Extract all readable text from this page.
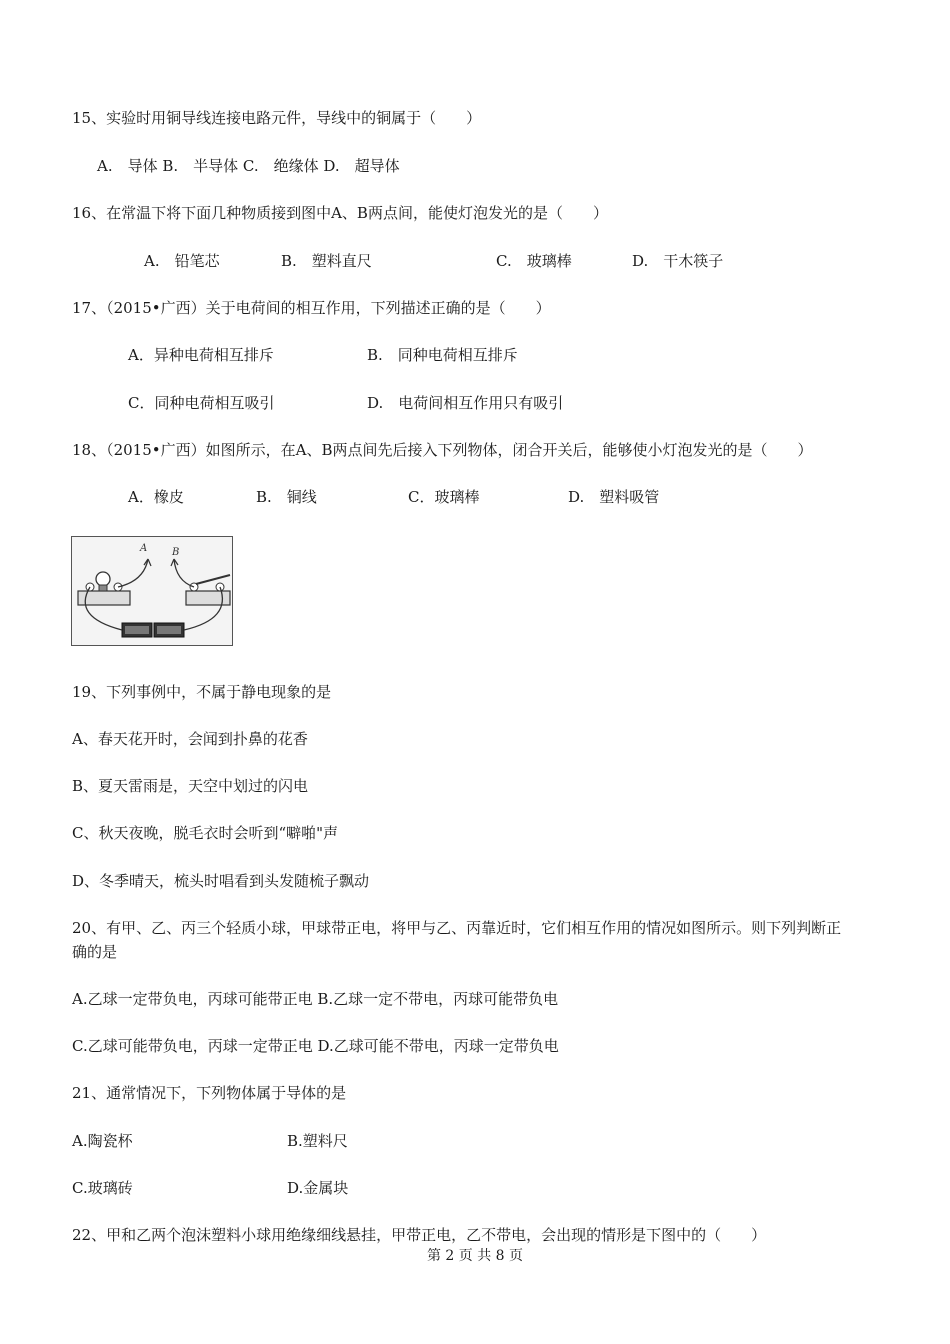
15、实验时用铜导线连接电路元件，导线中的铜属于（　　）
A.　导体 B.　半导体 C.　绝缘体 D.　超导体
16、在常温下将下面几种物质接到图中A、B两点间，能使灯泡发光的是（　　）
A.　铅笔芯	B.　塑料直尺	C.　玻璃棒	D.　干木筷子
17、（2015•广西）关于电荷间的相互作用，下列描述正确的是（　　）
A．异种电荷相互排斥	B.　同种电荷相互排斥
C．同种电荷相互吸引	D.　电荷间相互作用只有吸引
18、（2015•广西）如图所示，在A、B两点间先后接入下列物体，闭合开关后，能够使小灯泡发光的是（　　）
A．橡皮	B.　铜线	C．玻璃棒	D.　塑料吸管
A B
19、下列事例中，不属于静电现象的是
A、春天花开时，会闻到扑鼻的花香
B、夏天雷雨是，天空中划过的闪电
C、秋天夜晚，脱毛衣时会听到“噼啪"声
D、冬季晴天，梳头时唱看到头发随梳子飘动
20、有甲、乙、丙三个轻质小球，甲球带正电，将甲与乙、丙靠近时，它们相互作用的情况如图所示。则下列判断正
确的是
A.乙球一定带负电，丙球可能带正电 B.乙球一定不带电，丙球可能带负电
C.乙球可能带负电，丙球一定带正电 D.乙球可能不带电，丙球一定带负电
21、通常情况下，下列物体属于导体的是
A.陶瓷杯	B.塑料尺
C.玻璃砖	D.金属块
22、甲和乙两个泡沫塑料小球用绝缘细线悬挂，甲带正电，乙不带电，会出现的情形是下图中的（　　）
第 2 页 共 8 页
